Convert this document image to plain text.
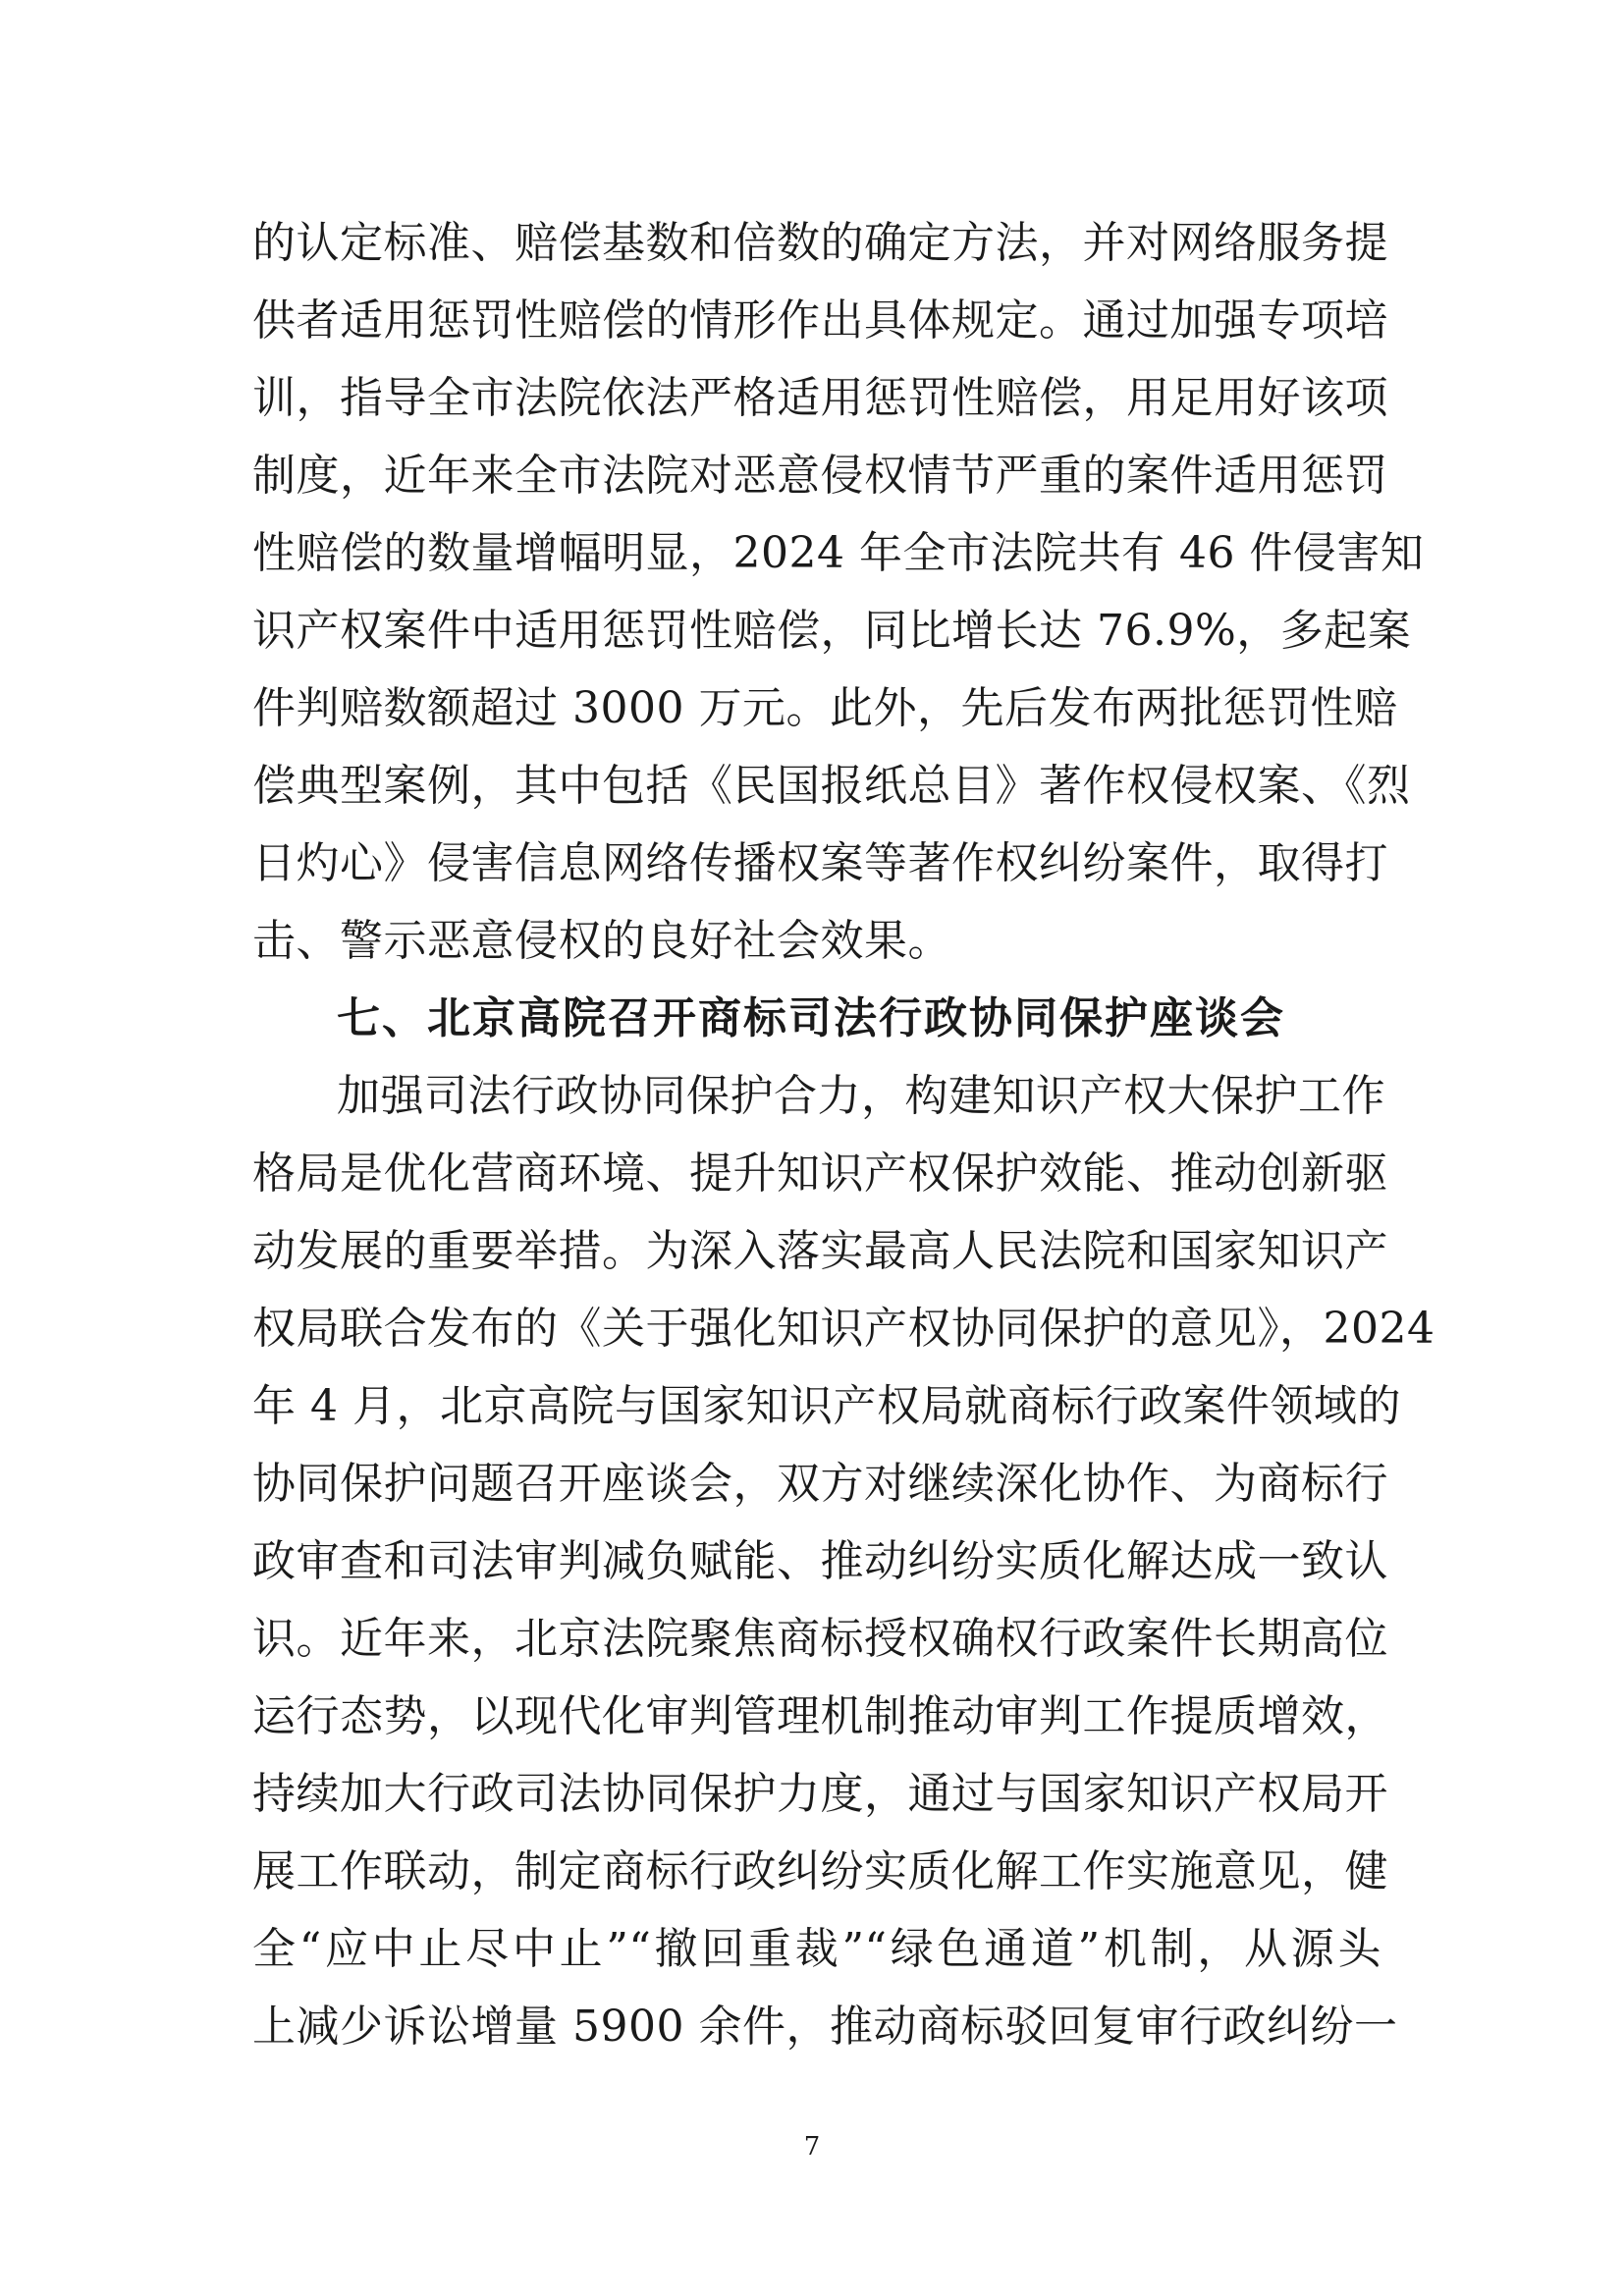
的认定标准、赔偿基数和倍数的确定方法，并对网络服务提
供者适用惩罚性赔偿的情形作出具体规定。通过加强专项培
训，指导全市法院依法严格适用惩罚性赔偿，用足用好该项
制度，近年来全市法院对恶意侵权情节严重的案件适用惩罚
性赔偿的数量增幅明显，2024 年全市法院共有 46 件侵害知
识产权案件中适用惩罚性赔偿，同比增长达 76.9%，多起案
件判赔数额超过 3000 万元。此外，先后发布两批惩罚性赔
偿典型案例，其中包括《民国报纸总目》著作权侵权案、《烈
日灼心》侵害信息网络传播权案等著作权纠纷案件，取得打
击、警示恶意侵权的良好社会效果。
七、北京高院召开商标司法行政协同保护座谈会
加强司法行政协同保护合力，构建知识产权大保护工作
格局是优化营商环境、提升知识产权保护效能、推动创新驱
动发展的重要举措。为深入落实最高人民法院和国家知识产
权局联合发布的《关于强化知识产权协同保护的意见》，2024
年 4 月，北京高院与国家知识产权局就商标行政案件领域的
协同保护问题召开座谈会，双方对继续深化协作、为商标行
政审查和司法审判减负赋能、推动纠纷实质化解达成一致认
识。近年来，北京法院聚焦商标授权确权行政案件长期高位
运行态势，以现代化审判管理机制推动审判工作提质增效，
持续加大行政司法协同保护力度，通过与国家知识产权局开
展工作联动，制定商标行政纠纷实质化解工作实施意见，健
全“应中止尽中止”“撤回重裁”“绿色通道”机制，从源头
上减少诉讼增量 5900 余件，推动商标驳回复审行政纠纷一
7
